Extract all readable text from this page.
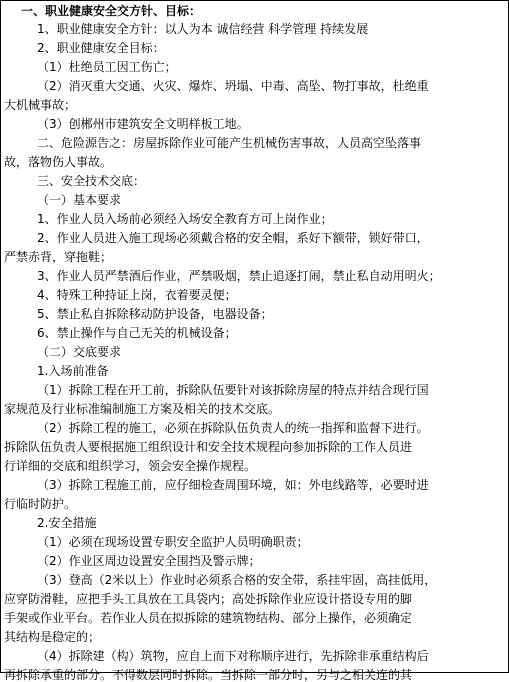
一、职业健康安全交方针、目标：
1、职业健康安全方针：以人为本 诚信经营 科学管理 持续发展
2、职业健康安全目标：
（1）杜绝员工因工伤亡；
（2）消灭重大交通、火灾、爆炸、坍塌、中毒、高坠、物打事故，杜绝重
大机械事故；
（3）创郴州市建筑安全文明样板工地。
二、危险源告之：房屋拆除作业可能产生机械伤害事故，人员高空坠落事
故，落物伤人事故。
三、安全技术交底：
（一）基本要求
1、作业人员入场前必须经入场安全教育方可上岗作业；
2、作业人员进入施工现场必须戴合格的安全帽，系好下额带，锁好带口，
严禁赤背，穿拖鞋；
3、作业人员严禁酒后作业，严禁吸烟，禁止追逐打闹，禁止私自动用明火；
4、特殊工种持证上岗，衣着要灵便；
5、禁止私自拆除移动防护设备，电器设备；
6、禁止操作与自己无关的机械设备；
（二）交底要求
1.入场前准备
（1）拆除工程在开工前，拆除队伍要针对该拆除房屋的特点并结合现行国
家规范及行业标准编制施工方案及相关的技术交底。
（2）拆除工程的施工，必须在拆除队伍负责人的统一指挥和监督下进行。
拆除队伍负责人要根据施工组织设计和安全技术规程向参加拆除的工作人员进
行详细的交底和组织学习，领会安全操作规程。
（3）拆除工程施工前，应仔细检查周围环境，如：外电线路等，必要时进
行临时防护。
2.安全措施
（1）必须在现场设置专职安全监护人员明确职责；
（2）作业区周边设置安全围挡及警示牌；
（3）登高（2米以上）作业时必须系合格的安全带，系挂牢固，高挂低用，
应穿防滑鞋，应把手头工具放在工具袋内；高处拆除作业应设计搭设专用的脚
手架或作业平台。若作业人员在拟拆除的建筑物结构、部分上操作，必须确定
其结构是稳定的；
（4）拆除建（构）筑物，应自上而下对称顺序进行，先拆除非承重结构后
再拆除承重的部分。不得数层同时拆除。当拆除一部分时，另与之相关连的其
